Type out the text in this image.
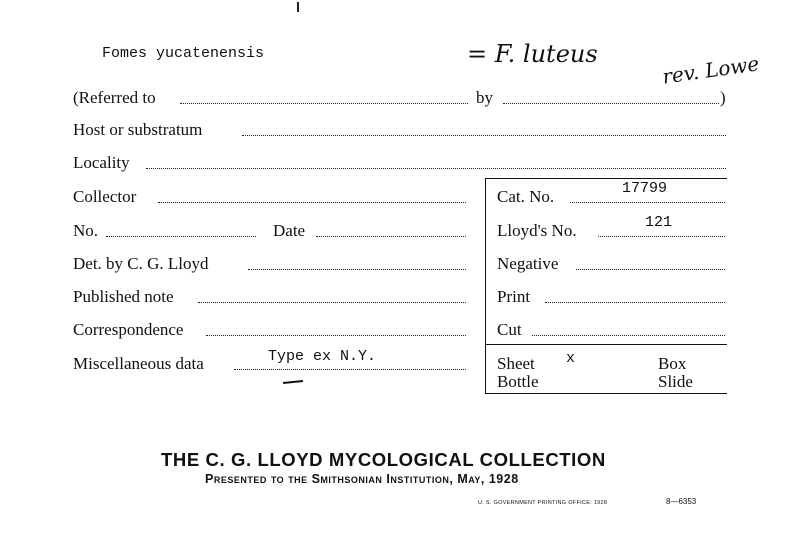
Fomes yucatenensis	= F. luteus	rev. Lowe
(Referred to	by	)
Host or substratum
Locality
Collector
No.	Date
Det. by C. G. Lloyd
Published note
Correspondence
Miscellaneous data	Type ex N.Y.
Cat. No.	17799
Lloyd's No.	121
Negative
Print
Cut
Sheet x	Box
Bottle	Slide
THE C. G. LLOYD MYCOLOGICAL COLLECTION
Presented to the Smithsonian Institution, May, 1928
U. S. GOVERNMENT PRINTING OFFICE: 1928	8—6353
